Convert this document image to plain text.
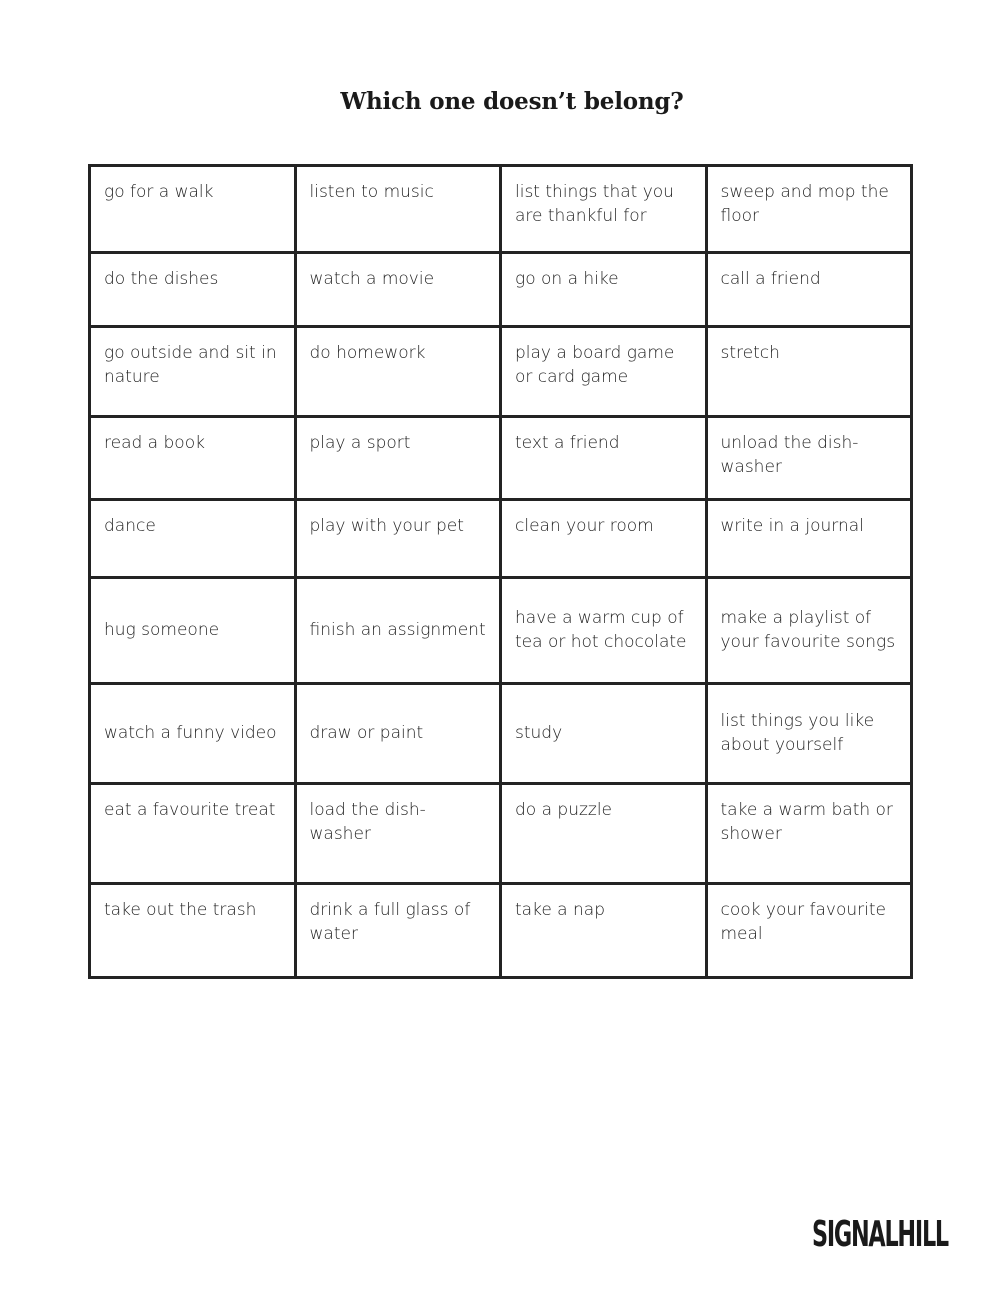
Which one doesn’t belong?
go for a walk	listen to music	list things that you are thankful for	sweep and mop the floor

do the dishes	watch a movie	go on a hike	call a friend

go outside and sit in nature	do homework	play a board game or card game	stretch

read a book	play a sport	text a friend	unload the dish-washer

dance	play with your pet	clean your room	write in a journal

hug someone	finish an assignment	have a warm cup of tea or hot chocolate	make a playlist of your favourite songs

watch a funny video	draw or paint	study	list things you like about yourself

eat a favourite treat	load the dish-washer	do a puzzle	take a warm bath or shower

take out the trash	drink a full glass of water	take a nap	cook your favourite meal
SIGNALHILL
